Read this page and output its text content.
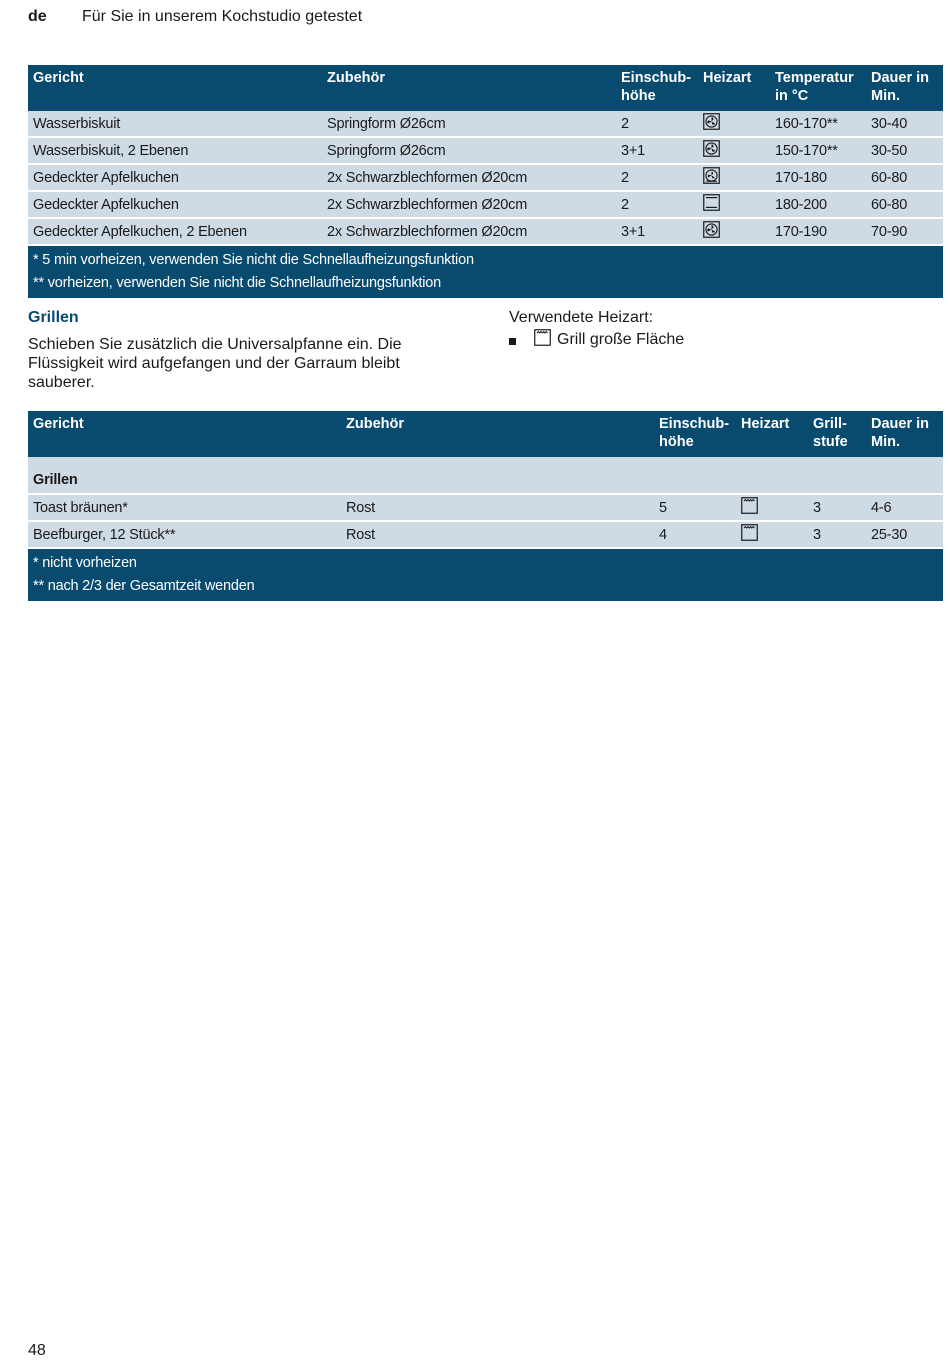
de Für Sie in unserem Kochstudio getestet
Gericht	Zubehör	Einschub-
höhe	Heizart	Temperatur
in °C	Dauer in
Min.
Wasserbiskuit	Springform Ø26cm	2		160-170**	30-40
Wasserbiskuit, 2 Ebenen	Springform Ø26cm	3+1		150-170**	30-50
Gedeckter Apfelkuchen	2x Schwarzblechformen Ø20cm	2		170-180	60-80
Gedeckter Apfelkuchen	2x Schwarzblechformen Ø20cm	2		180-200	60-80
Gedeckter Apfelkuchen, 2 Ebenen	2x Schwarzblechformen Ø20cm	3+1		170-190	70-90
* 5 min vorheizen, verwenden Sie nicht die Schnellaufheizungsfunktion					
** vorheizen, verwenden Sie nicht die Schnellaufheizungsfunktion					
Grillen
Schieben Sie zusätzlich die Universalpfanne ein. Die Flüssigkeit wird aufgefangen und der Garraum bleibt sauberer.
Verwendete Heizart:
Grill große Fläche
Gericht	Zubehör	Einschub-
höhe	Heizart	Grill-
stufe	Dauer in
Min.
Grillen					
Toast bräunen*	Rost	5		3	4-6
Beefburger, 12 Stück**	Rost	4		3	25-30
* nicht vorheizen					
** nach 2/3 der Gesamtzeit wenden					
48
